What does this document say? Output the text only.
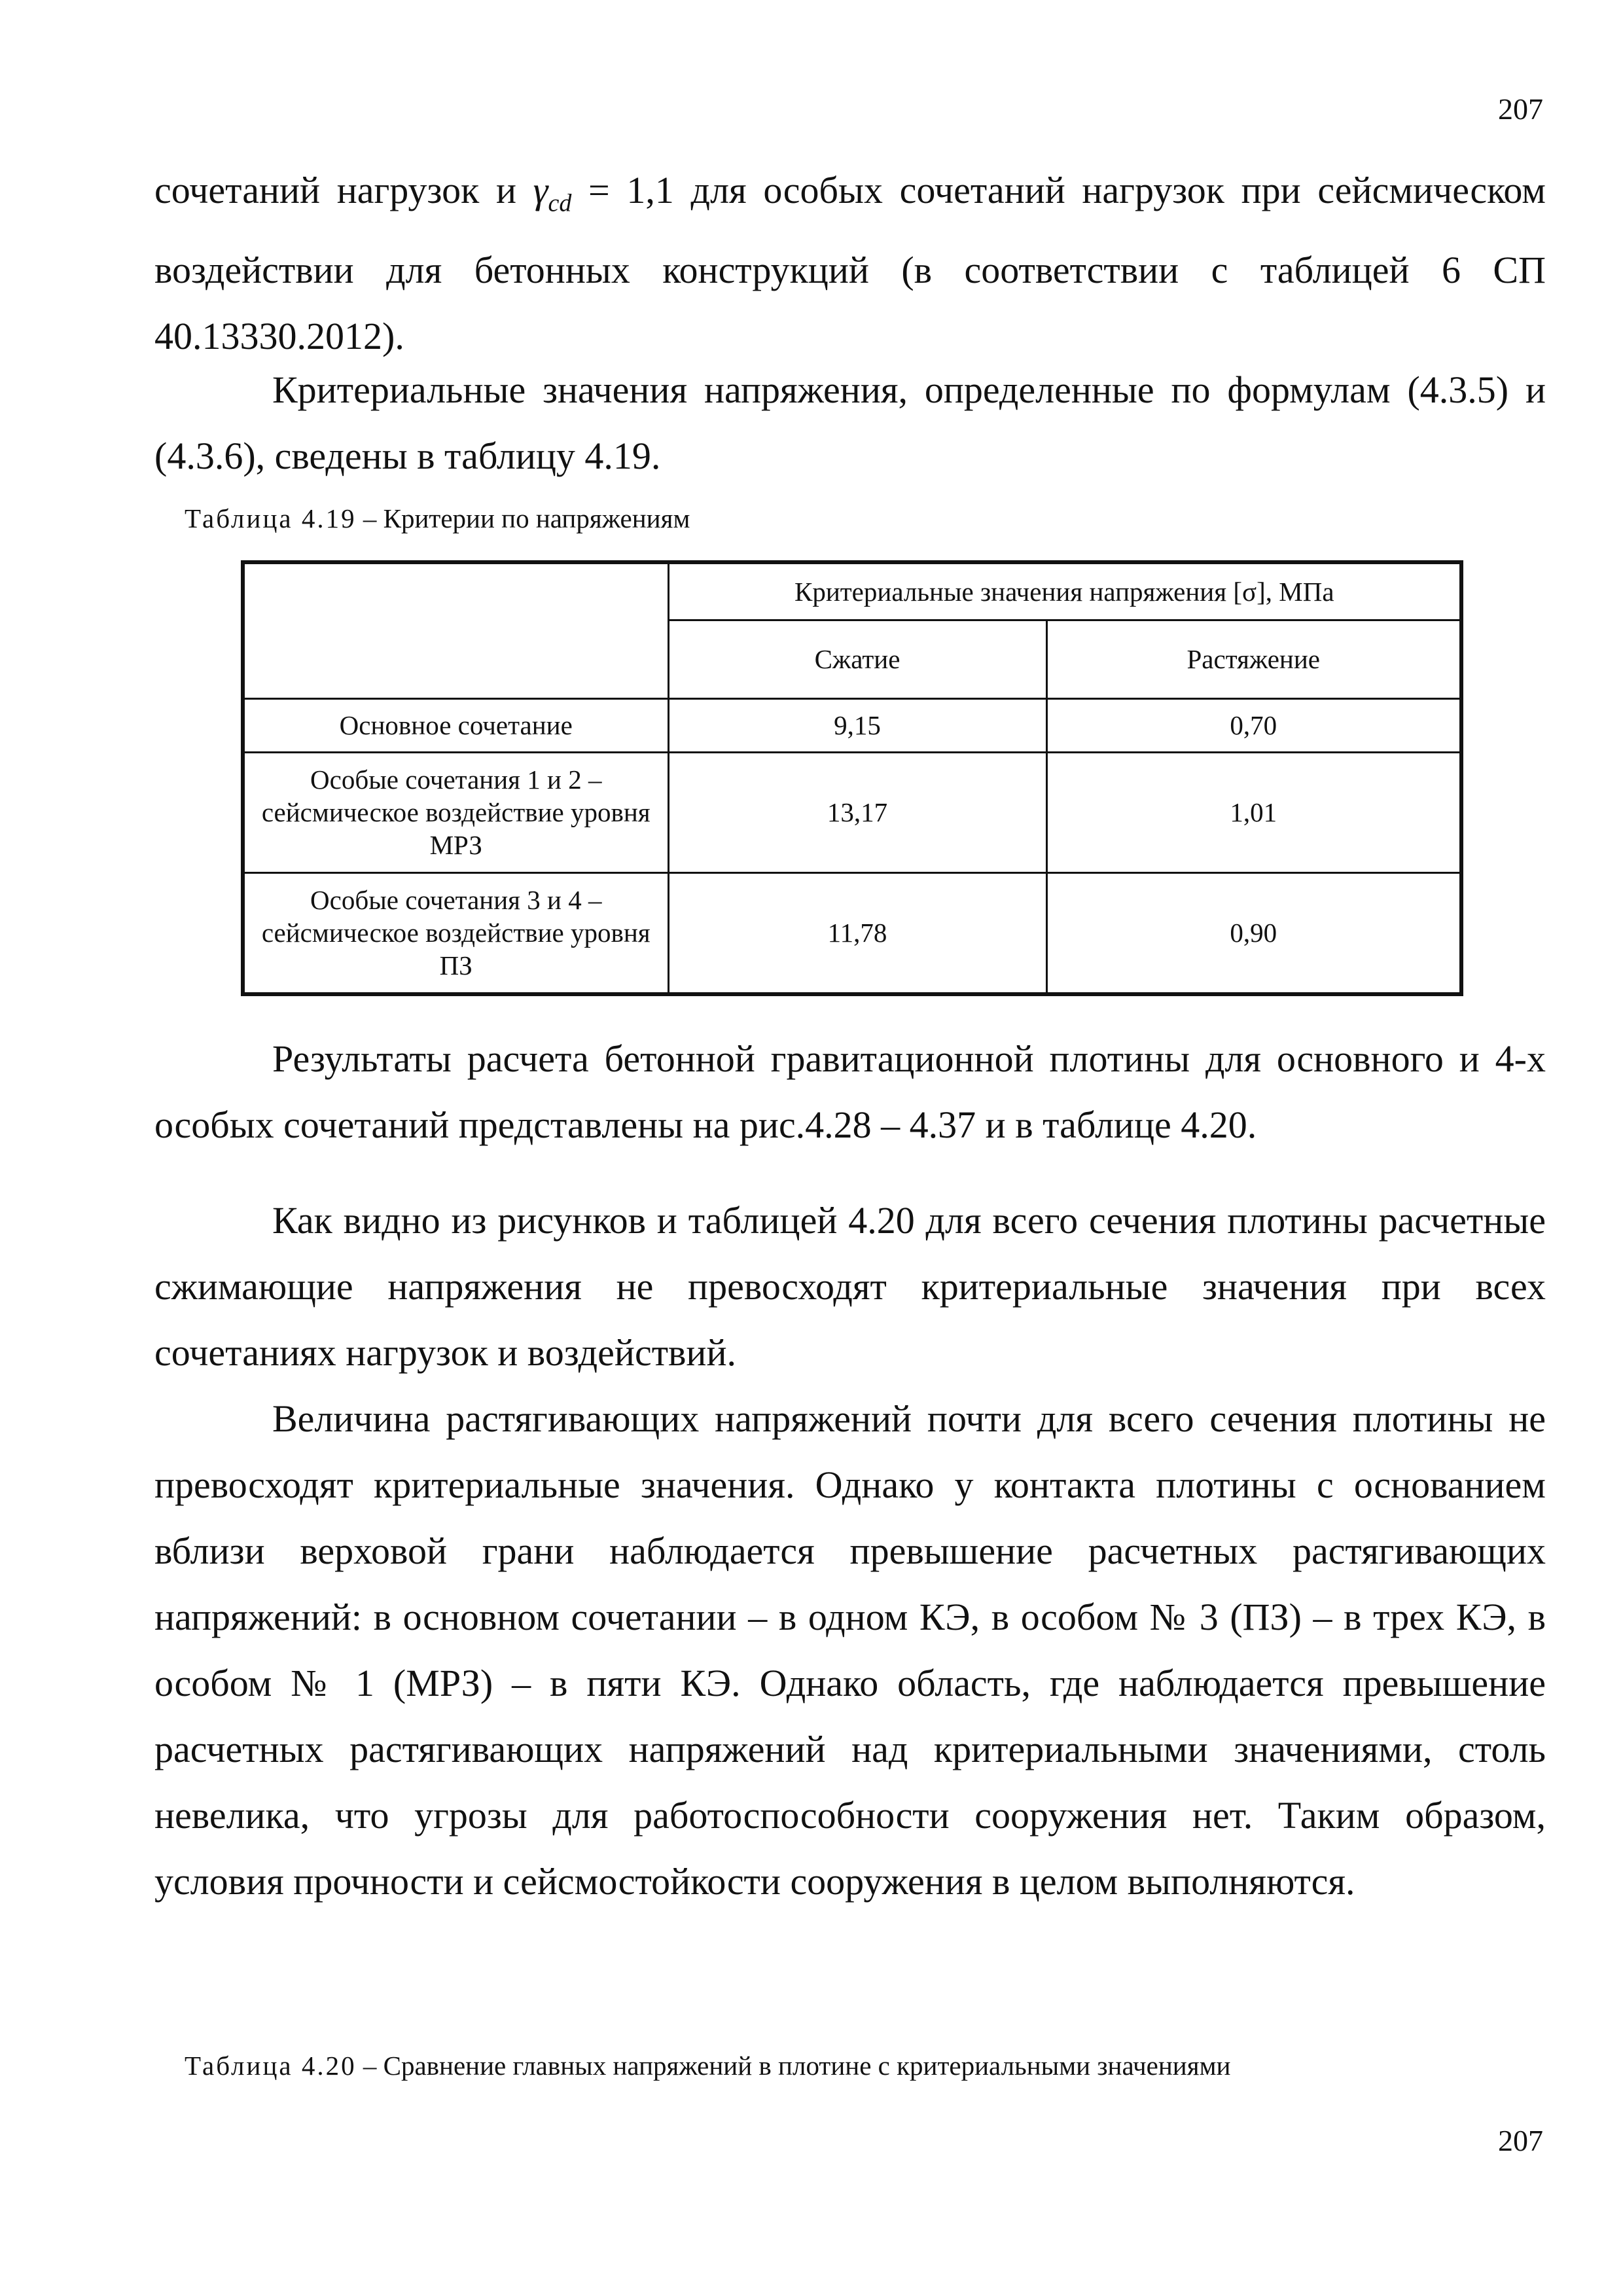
207

сочетаний нагрузок и $\gamma_{cd} = 1,1$ для особых сочетаний нагрузок при сейсмическом воздействии для бетонных конструкций (в соответствии с таблицей 6 СП 40.13330.2012).

Критериальные значения напряжения, определенные по формулам (4.3.5) и (4.3.6), сведены в таблицу 4.19.

Таблица 4.19 – Критерии по напряжениям
	Критериальные значения напряжения [σ], МПа	
	Сжатие	Растяжение
Основное сочетание	9,15	0,70
Особые сочетания 1 и 2 – сейсмическое воздействие уровня МРЗ	13,17	1,01
Особые сочетания 3 и 4 – сейсмическое воздействие уровня ПЗ	11,78	0,90

Результаты расчета бетонной гравитационной плотины для основного и 4-х особых сочетаний представлены на рис.4.28 – 4.37 и в таблице 4.20.

Как видно из рисунков и таблицей 4.20 для всего сечения плотины расчетные сжимающие напряжения не превосходят критериальные значения при всех сочетаниях нагрузок и воздействий.

Величина растягивающих напряжений почти для всего сечения плотины не превосходят критериальные значения. Однако у контакта плотины с основанием вблизи верховой грани наблюдается превышение расчетных растягивающих напряжений: в основном сочетании – в одном КЭ, в особом № 3 (ПЗ) – в трех КЭ, в особом № 1 (МРЗ) – в пяти КЭ. Однако область, где наблюдается превышение расчетных растягивающих напряжений над критериальными значениями, столь невелика, что угрозы для работоспособности сооружения нет. Таким образом, условия прочности и сейсмостойкости сооружения в целом выполняются.

Таблица 4.20 – Сравнение главных напряжений в плотине с критериальными значениями
207
